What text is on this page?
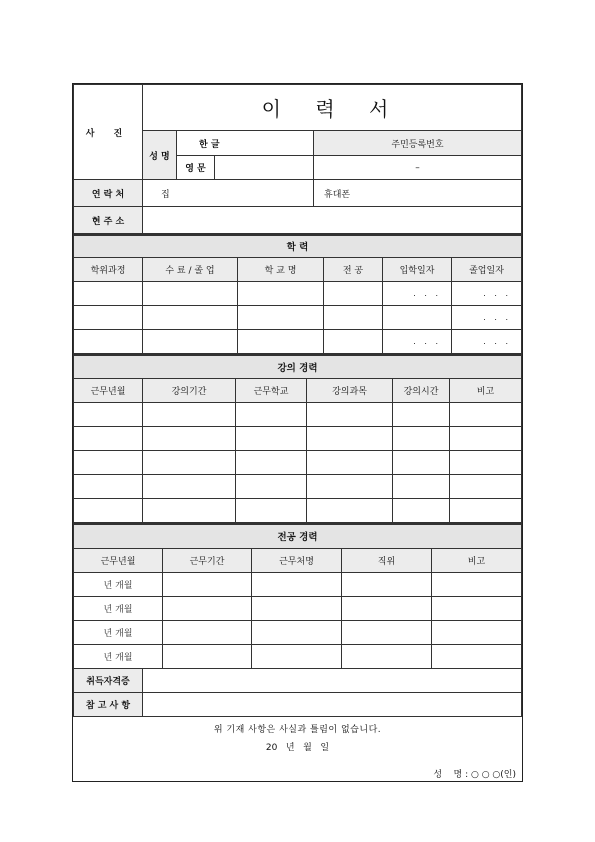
사 진	이 력 서			
	성 명	한 글		주민등록번호
		영 문		–
연 락 처	집			휴대폰
현 주 소				
학 력					
학위과정	수 료 / 졸 업	학 교 명	전 공	입학일자	졸업일자
				. . .	. . .
					. . .
				. . .	. . .
강의 경력					
근무년월	강의기간	근무학교	강의과목	강의시간	비고

전공 경력				
근무년월	근무기간	근무처명	직위	비고
년 개월				
년 개월				
년 개월				
년 개월				
취득자격증	
참 고 사 항	
위 기재 사항은 사실과 틀림이 없습니다.
20   년   월   일
성    명 : ○ ○ ○(인)
